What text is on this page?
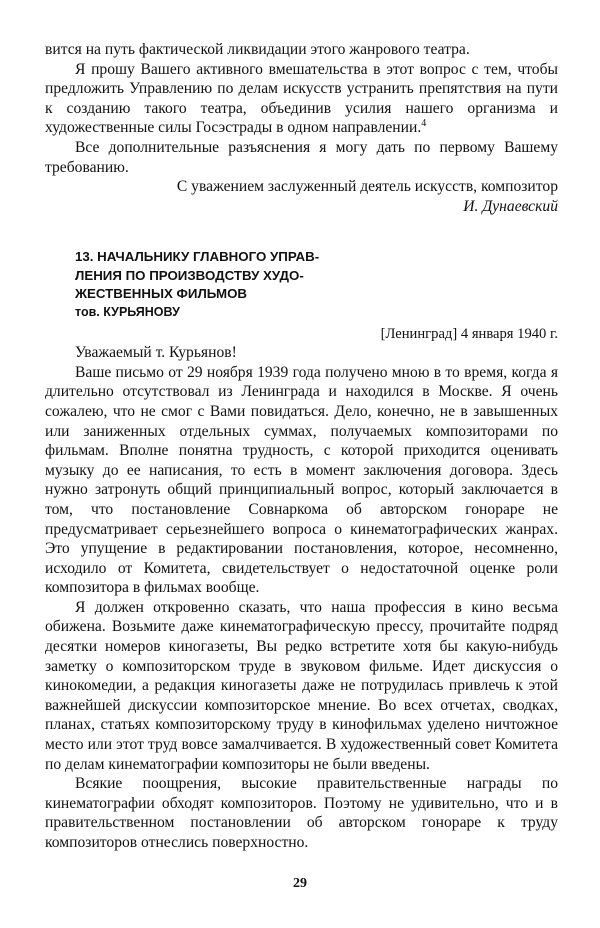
вится на путь фактической ликвидации этого жанрового театра.

Я прошу Вашего активного вмешательства в этот вопрос с тем, чтобы предложить Управлению по делам искусств устранить препятствия на пути к созданию такого театра, объединив усилия нашего организма и художественные силы Госэстрады в одном направлении.$^4$

Все дополнительные разъяснения я могу дать по первому Вашему требованию.

С уважением заслуженный деятель искусств, композитор

И. Дунаевский

13. НАЧАЛЬНИКУ ГЛАВНОГО УПРАВ-
ЛЕНИЯ ПО ПРОИЗВОДСТВУ ХУДО-
ЖЕСТВЕННЫХ ФИЛЬМОВ
тов. КУРЬЯНОВУ

[Ленинград] 4 января 1940 г.

Уважаемый т. Курьянов!

Ваше письмо от 29 ноября 1939 года получено мною в то время, когда я длительно отсутствовал из Ленинграда и находился в Москве. Я очень сожалею, что не смог с Вами повидаться. Дело, конечно, не в завышенных или заниженных отдельных суммах, получаемых композиторами по фильмам. Вполне понятна трудность, с которой приходится оценивать музыку до ее написания, то есть в момент заключения договора. Здесь нужно затронуть общий принципиальный вопрос, который заключается в том, что постановление Совнаркома об авторском гонораре не предусматривает серьезнейшего вопроса о кинематографических жанрах. Это упущение в редактировании постановления, которое, несомненно, исходило от Комитета, свидетельствует о недостаточной оценке роли композитора в фильмах вообще.

Я должен откровенно сказать, что наша профессия в кино весьма обижена. Возьмите даже кинематографическую прессу, прочитайте подряд десятки номеров киногазеты, Вы редко встретите хотя бы какую-нибудь заметку о композиторском труде в звуковом фильме. Идет дискуссия о кинокомедии, а редакция киногазеты даже не потрудилась привлечь к этой важнейшей дискуссии композиторское мнение. Во всех отчетах, сводках, планах, статьях композиторскому труду в кинофильмах уделено ничтожное место или этот труд вовсе замалчивается. В художественный совет Комитета по делам кинематографии композиторы не были введены.

Всякие поощрения, высокие правительственные награды по кинематографии обходят композиторов. Поэтому не удивительно, что и в правительственном постановлении об авторском гонораре к труду композиторов отнеслись поверхностно.

29
